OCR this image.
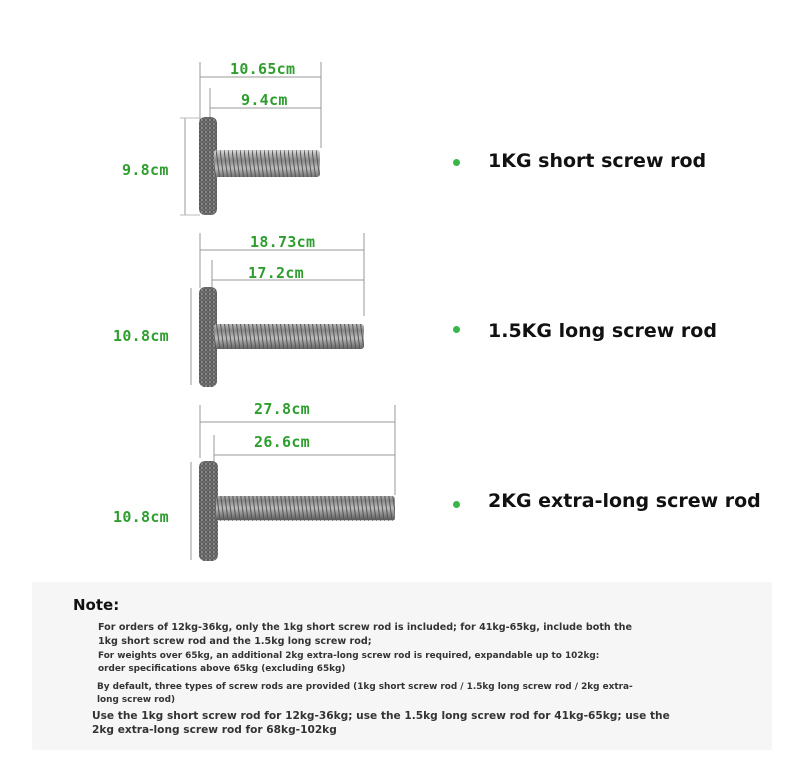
10.65cm
9.4cm
9.8cm	1KG short screw rod
18.73cm
17.2cm
10.8cm	1.5KG long screw rod
27.8cm
26.6cm
10.8cm
2KG extra-long screw rod
Note:
For orders of 12kg-36kg, only the 1kg short screw rod is included; for 41kg-65kg, include both the
1kg short screw rod and the 1.5kg long screw rod;
For weights over 65kg, an additional 2kg extra-long screw rod is required, expandable up to 102kg:
order specifications above 65kg (excluding 65kg)
By default, three types of screw rods are provided (1kg short screw rod / 1.5kg long screw rod / 2kg extra-
long screw rod)
Use the 1kg short screw rod for 12kg-36kg; use the 1.5kg long screw rod for 41kg-65kg; use the
2kg extra-long screw rod for 68kg-102kg
